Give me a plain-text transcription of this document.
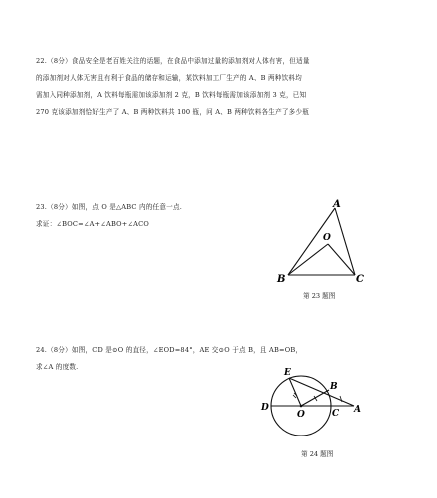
22.（8分）食品安全是老百姓关注的话题，在食品中添加过量的添加剂对人体有害，但适量
的添加剂对人体无害且有利于食品的储存和运输，某饮料加工厂生产的 A、B 两种饮料均
需加入同种添加剂，A 饮料每瓶需加该添加剂 2 克，B 饮料每瓶需加该添加剂 3 克，已知
270 克该添加剂恰好生产了 A、B 两种饮料共 100 瓶，问 A、B 两种饮料各生产了多少瓶
23.（8分）如图，点 O 是△ABC 内的任意一点.
求证：∠BOC=∠A+∠ABO+∠ACO
A
B	C
O
第 23 题图
24.（8分）如图，CD 是⊙O 的直径，∠EOD=84°，AE 交⊙O 于点 B，且 AB=OB，
求∠A 的度数.
E
B
D
O	C A
第 24 题图
